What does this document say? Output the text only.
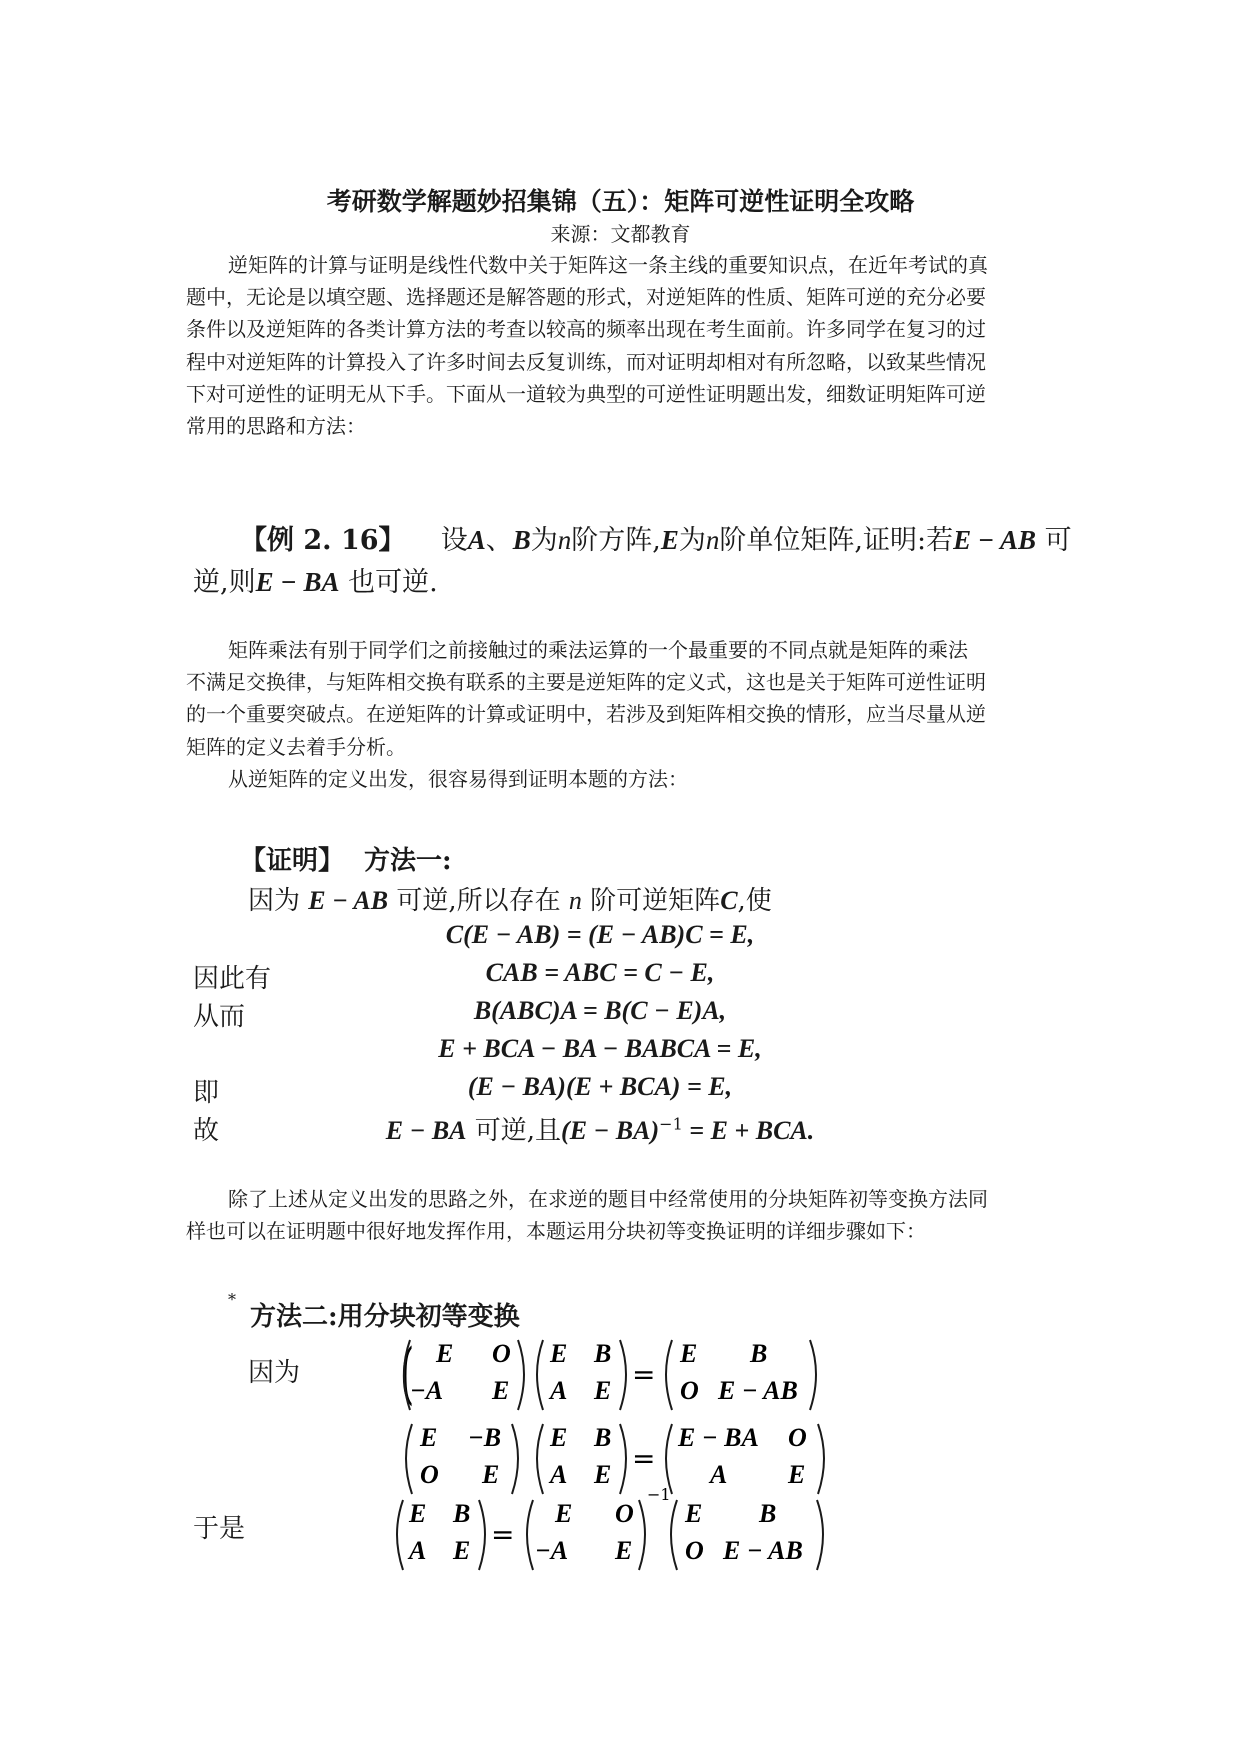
考研数学解题妙招集锦（五）：矩阵可逆性证明全攻略
来源：文都教育
逆矩阵的计算与证明是线性代数中关于矩阵这一条主线的重要知识点，在近年考试的真
题中，无论是以填空题、选择题还是解答题的形式，对逆矩阵的性质、矩阵可逆的充分必要
条件以及逆矩阵的各类计算方法的考查以较高的频率出现在考生面前。许多同学在复习的过
程中对逆矩阵的计算投入了许多时间去反复训练，而对证明却相对有所忽略，以致某些情况
下对可逆性的证明无从下手。下面从一道较为典型的可逆性证明题出发，细数证明矩阵可逆
常用的思路和方法：
【例 2. 16】 设A、B为n阶方阵,E为n阶单位矩阵,证明:若E − AB 可
逆,则E − BA 也可逆.
矩阵乘法有别于同学们之前接触过的乘法运算的一个最重要的不同点就是矩阵的乘法
不满足交换律，与矩阵相交换有联系的主要是逆矩阵的定义式，这也是关于矩阵可逆性证明
的一个重要突破点。在逆矩阵的计算或证明中，若涉及到矩阵相交换的情形，应当尽量从逆
矩阵的定义去着手分析。
从逆矩阵的定义出发，很容易得到证明本题的方法：
【证明】 方法一:
因为 E − AB 可逆,所以存在 n 阶可逆矩阵C,使
C(E − AB) = (E − AB)C = E,
因此有	CAB = ABC = C − E,
从而	B(ABC)A = B(C − E)A,
E + BCA − BA − BABCA = E,
即	(E − BA)(E + BCA) = E,
故	E − BA 可逆,且(E − BA)$^{-1}$ = E + BCA.
除了上述从定义出发的思路之外，在求逆的题目中经常使用的分块矩阵初等变换方法同
样也可以在证明题中很好地发挥作用，本题运用分块初等变换证明的详细步骤如下：
*
方法二:用分块初等变换
因为
于是
( E O
−A E
E B
A E
E B
O E − AB
=
E −B
O E
E B
A E
E − BA O
A E
=
E B
A E
E O
−A E
E B
O E − AB
=
−1
